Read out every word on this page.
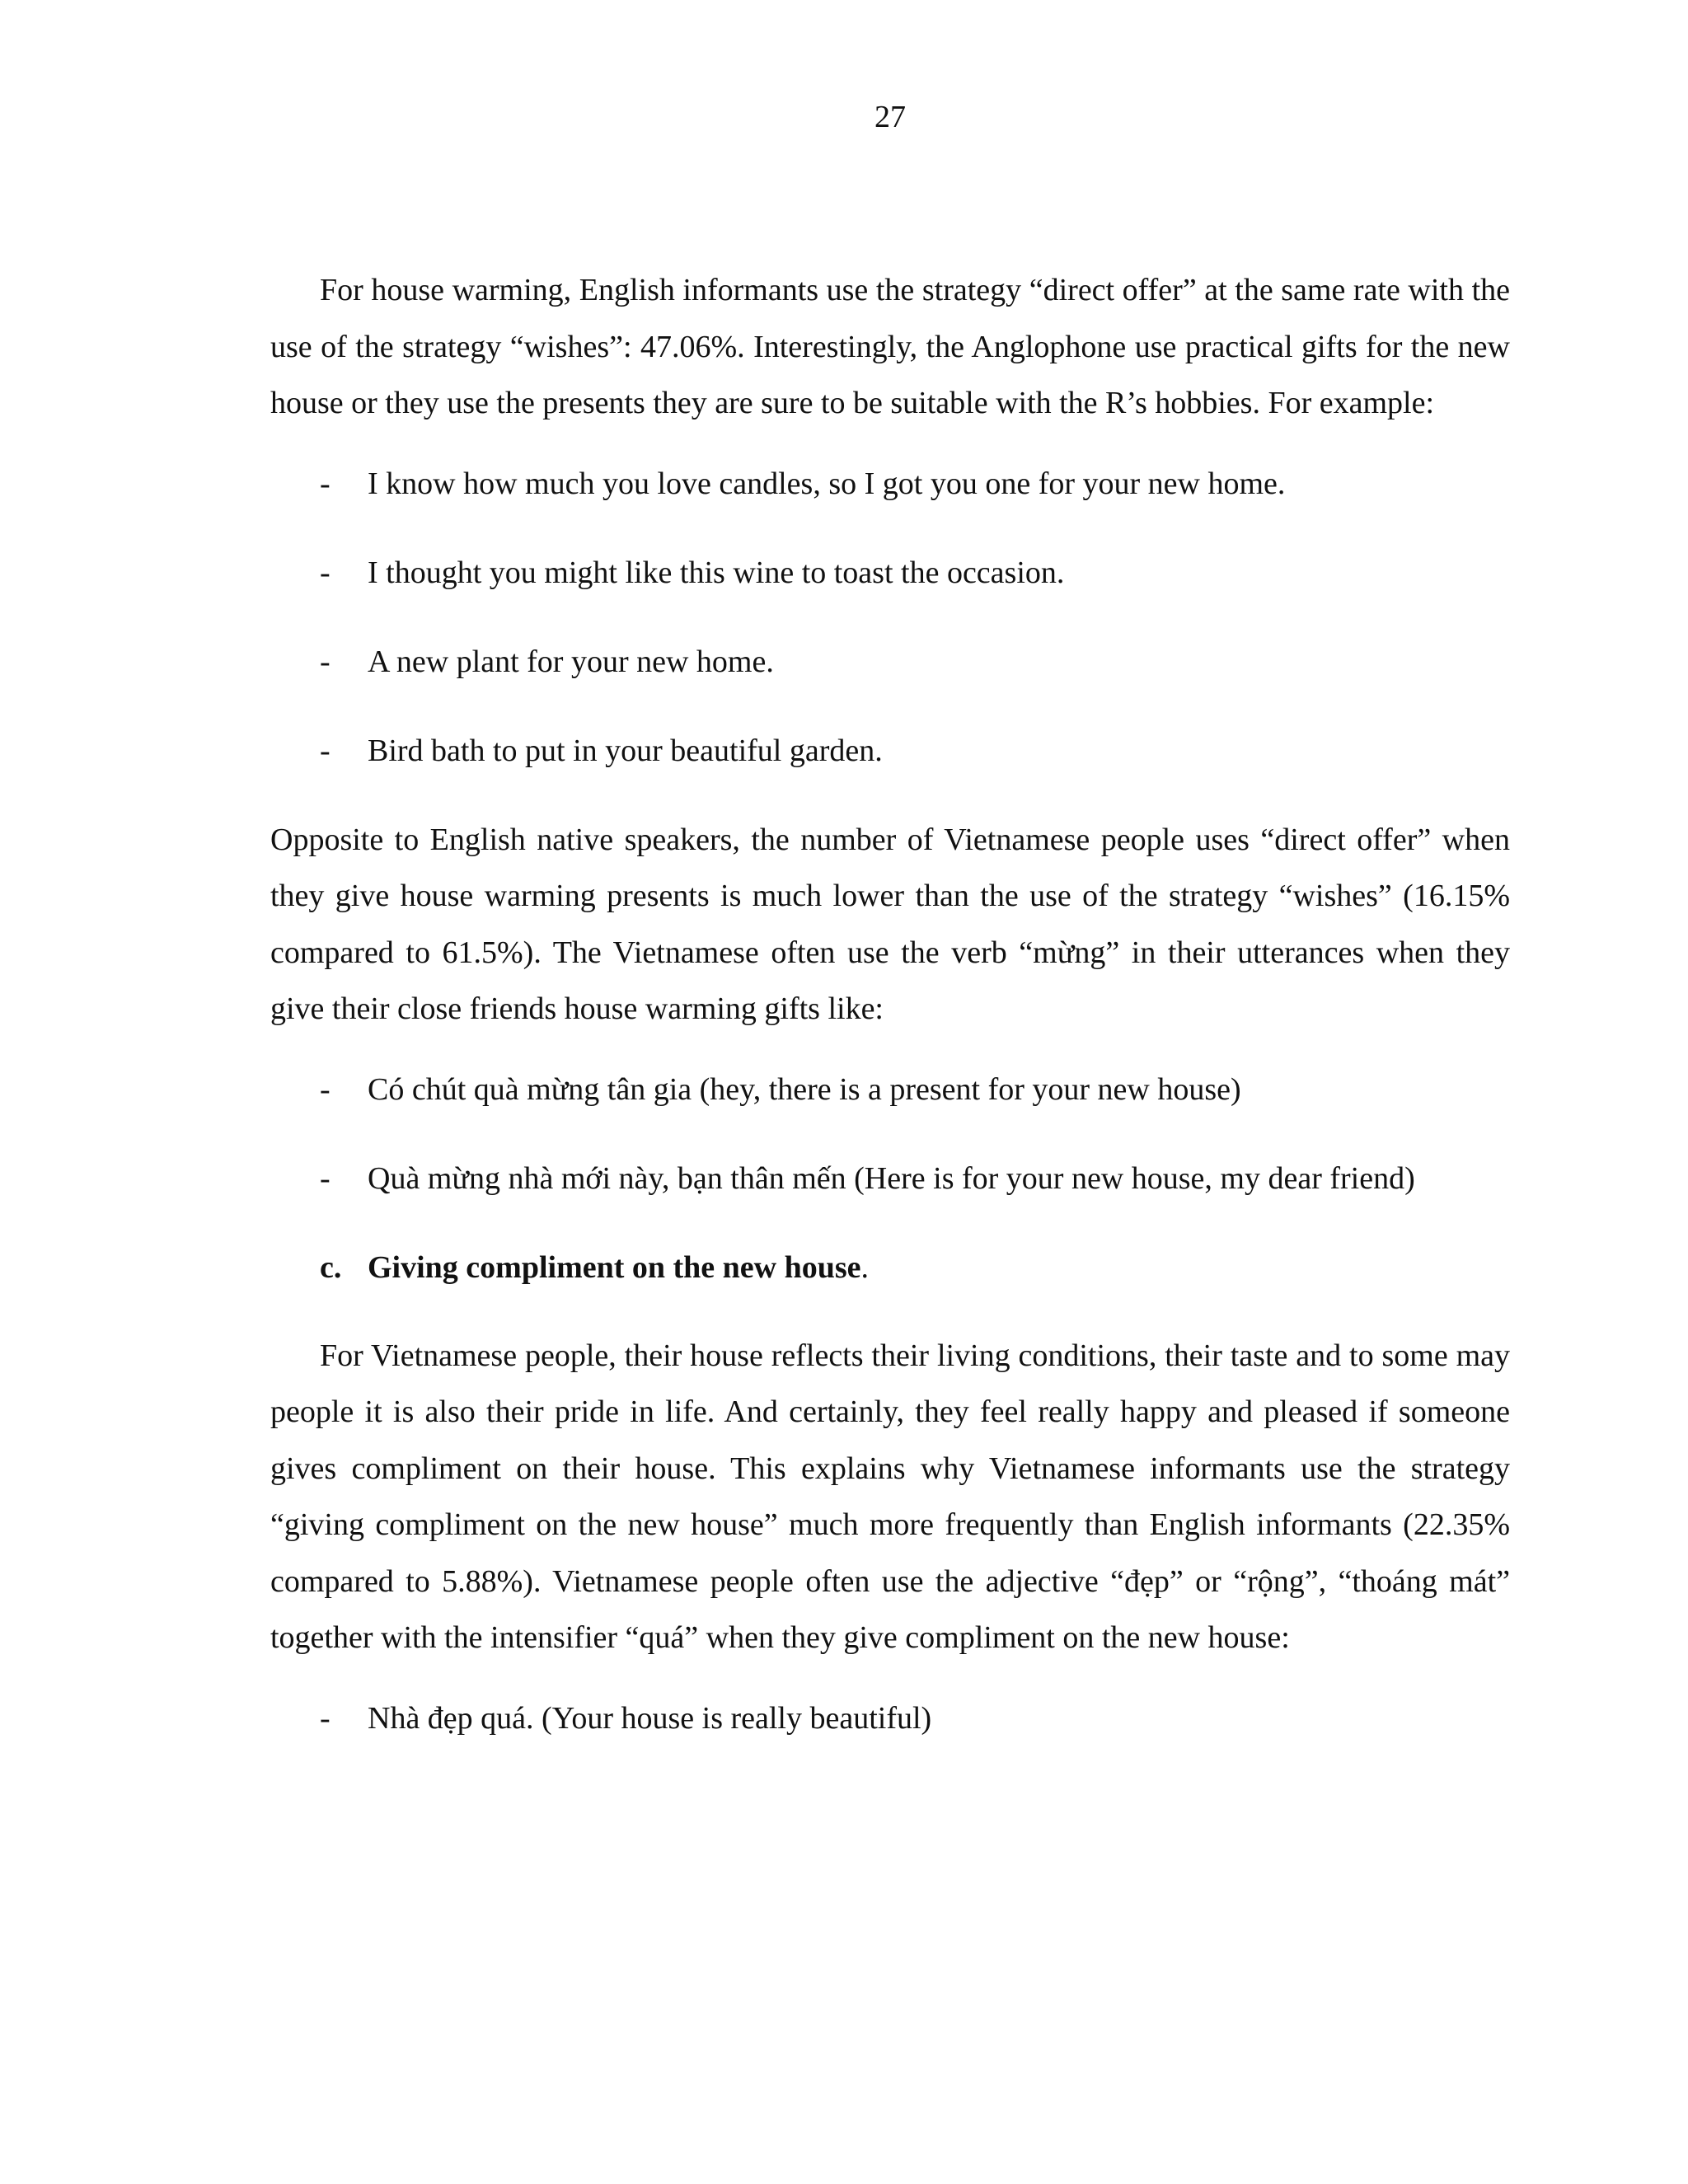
27

For house warming, English informants use the strategy “direct offer” at the same rate with the use of the strategy “wishes”: 47.06%. Interestingly, the Anglophone use practical gifts for the new house or they use the presents they are sure to be suitable with the R’s hobbies. For example:

- I know how much you love candles, so I got you one for your new home.
- I thought you might like this wine to toast the occasion.
- A new plant for your new home.
- Bird bath to put in your beautiful garden.

Opposite to English native speakers, the number of Vietnamese people uses “direct offer” when they give house warming presents is much lower than the use of the strategy “wishes” (16.15% compared to 61.5%). The Vietnamese often use the verb “mừng” in their utterances when they give their close friends house warming gifts like:

- Có chút quà mừng tân gia (hey, there is a present for your new house)
- Quà mừng nhà mới này, bạn thân mến (Here is for your new house, my dear friend)

c. Giving compliment on the new house.

For Vietnamese people, their house reflects their living conditions, their taste and to some may people it is also their pride in life. And certainly, they feel really happy and pleased if someone gives compliment on their house. This explains why Vietnamese informants use the strategy “giving compliment on the new house” much more frequently than English informants (22.35% compared to 5.88%). Vietnamese people often use the adjective “đẹp” or “rộng”, “thoáng mát” together with the intensifier “quá” when they give compliment on the new house:

- Nhà đẹp quá. (Your house is really beautiful)
